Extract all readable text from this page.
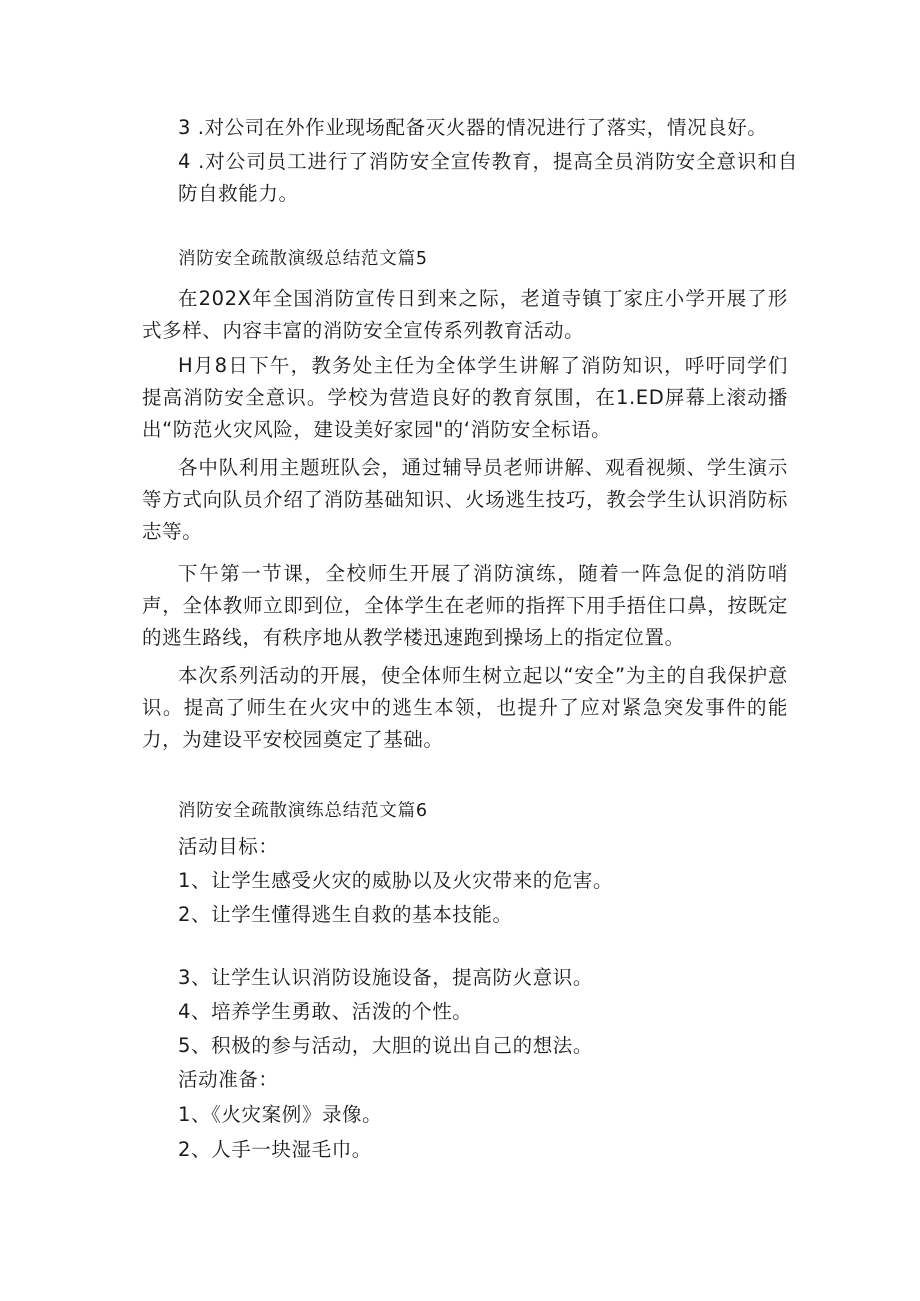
3 .对公司在外作业现场配备灭火器的情况进行了落实，情况良好。
4 .对公司员工进行了消防安全宣传教育，提高全员消防安全意识和自防自救能力。
消防安全疏散演级总结范文篇5
在202X年全国消防宣传日到来之际，老道寺镇丁家庄小学开展了形式多样、内容丰富的消防安全宣传系列教育活动。
H月8日下午，教务处主任为全体学生讲解了消防知识，呼吁同学们提高消防安全意识。学校为营造良好的教育氛围，在1.ED屏幕上滚动播出“防范火灾风险，建设美好家园"的‘消防安全标语。
各中队利用主题班队会，通过辅导员老师讲解、观看视频、学生演示等方式向队员介绍了消防基础知识、火场逃生技巧，教会学生认识消防标志等。
下午第一节课，全校师生开展了消防演练，随着一阵急促的消防哨声，全体教师立即到位，全体学生在老师的指挥下用手捂住口鼻，按既定的逃生路线，有秩序地从教学楼迅速跑到操场上的指定位置。
本次系列活动的开展，使全体师生树立起以“安全”为主的自我保护意识。提高了师生在火灾中的逃生本领，也提升了应对紧急突发事件的能力，为建设平安校园奠定了基础。
消防安全疏散演练总结范文篇6
活动目标：
1、让学生感受火灾的威胁以及火灾带来的危害。
2、让学生懂得逃生自救的基本技能。
3、让学生认识消防设施设备，提高防火意识。
4、培养学生勇敢、活泼的个性。
5、积极的参与活动，大胆的说出自己的想法。
活动准备：
1、《火灾案例》录像。
2、人手一块湿毛巾。
